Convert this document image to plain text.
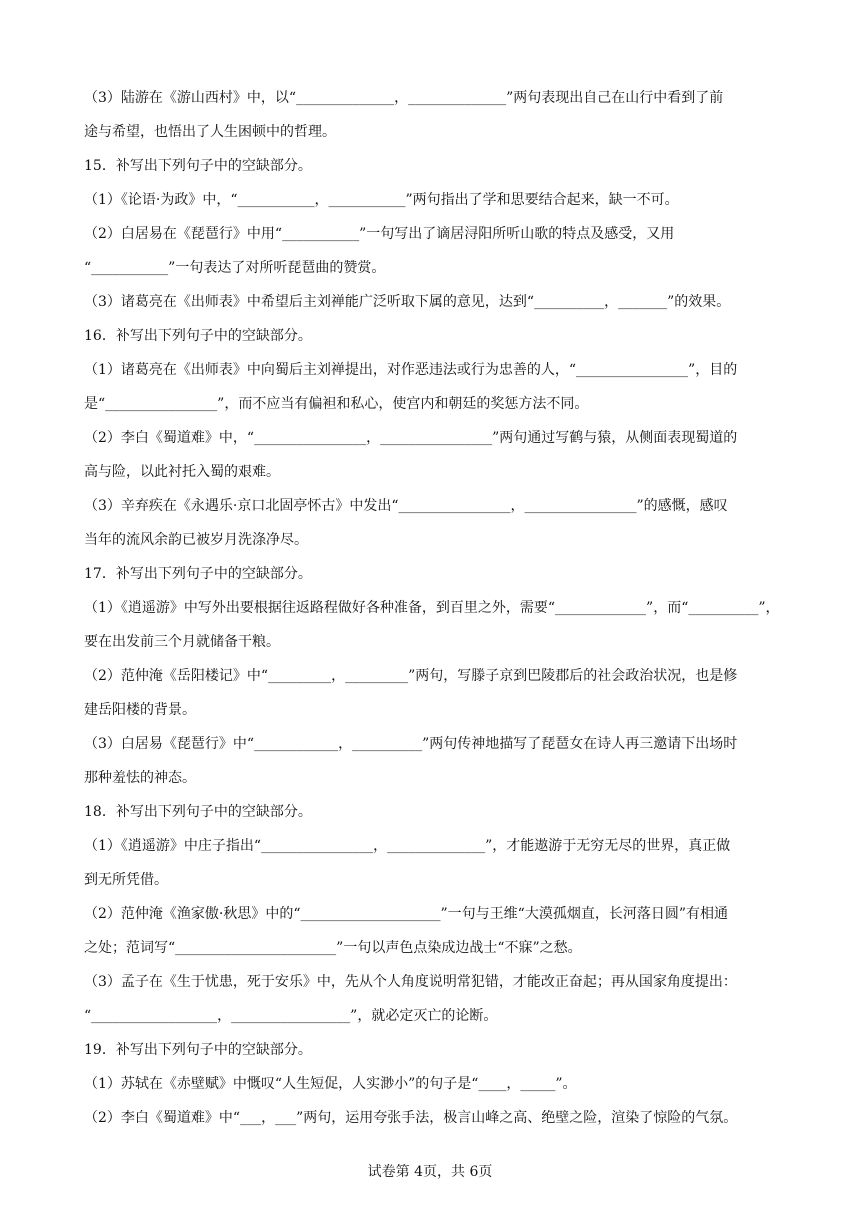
（3）陆游在《游山西村》中，以“______________，______________”两句表现出自己在山行中看到了前
途与希望，也悟出了人生困顿中的哲理。
15．补写出下列句子中的空缺部分。
（1）《论语·为政》中，“___________，___________”两句指出了学和思要结合起来，缺一不可。
（2）白居易在《琵琶行》中用“___________”一句写出了谪居浔阳所听山歌的特点及感受，又用
“___________”一句表达了对所听琵琶曲的赞赏。
（3）诸葛亮在《出师表》中希望后主刘禅能广泛听取下属的意见，达到“__________，_______”的效果。
16．补写出下列句子中的空缺部分。
（1）诸葛亮在《出师表》中向蜀后主刘禅提出，对作恶违法或行为忠善的人，“________________”，目的
是“________________”，而不应当有偏袒和私心，使宫内和朝廷的奖惩方法不同。
（2）李白《蜀道难》中，“________________，________________”两句通过写鹤与猿，从侧面表现蜀道的
高与险，以此衬托入蜀的艰难。
（3）辛弃疾在《永遇乐·京口北固亭怀古》中发出“________________，________________”的感慨，感叹
当年的流风余韵已被岁月洗涤净尽。
17．补写出下列句子中的空缺部分。
（1）《逍遥游》中写外出要根据往返路程做好各种准备，到百里之外，需要“_____________”，而“__________”，
要在出发前三个月就储备干粮。
（2）范仲淹《岳阳楼记》中“_________，_________”两句，写滕子京到巴陵郡后的社会政治状况，也是修
建岳阳楼的背景。
（3）白居易《琵琶行》中“____________，__________”两句传神地描写了琵琶女在诗人再三邀请下出场时
那种羞怯的神态。
18．补写出下列句子中的空缺部分。
（1）《逍遥游》中庄子指出“________________，______________”，才能遨游于无穷无尽的世界，真正做
到无所凭借。
（2）范仲淹《渔家傲·秋思》中的“____________________”一句与王维“大漠孤烟直，长河落日圆”有相通
之处；范词写“_______________________”一句以声色点染成边战士“不寐”之愁。
（3）孟子在《生于忧患，死于安乐》中，先从个人角度说明常犯错，才能改正奋起；再从国家角度提出：
“__________________，_________________”，就必定灭亡的论断。
19．补写出下列句子中的空缺部分。
（1）苏轼在《赤壁赋》中慨叹“人生短促，人实渺小”的句子是“____，_____”。
（2）李白《蜀道难》中“___，___”两句，运用夸张手法，极言山峰之高、绝壁之险，渲染了惊险的气氛。
试卷第 4页，共 6页
